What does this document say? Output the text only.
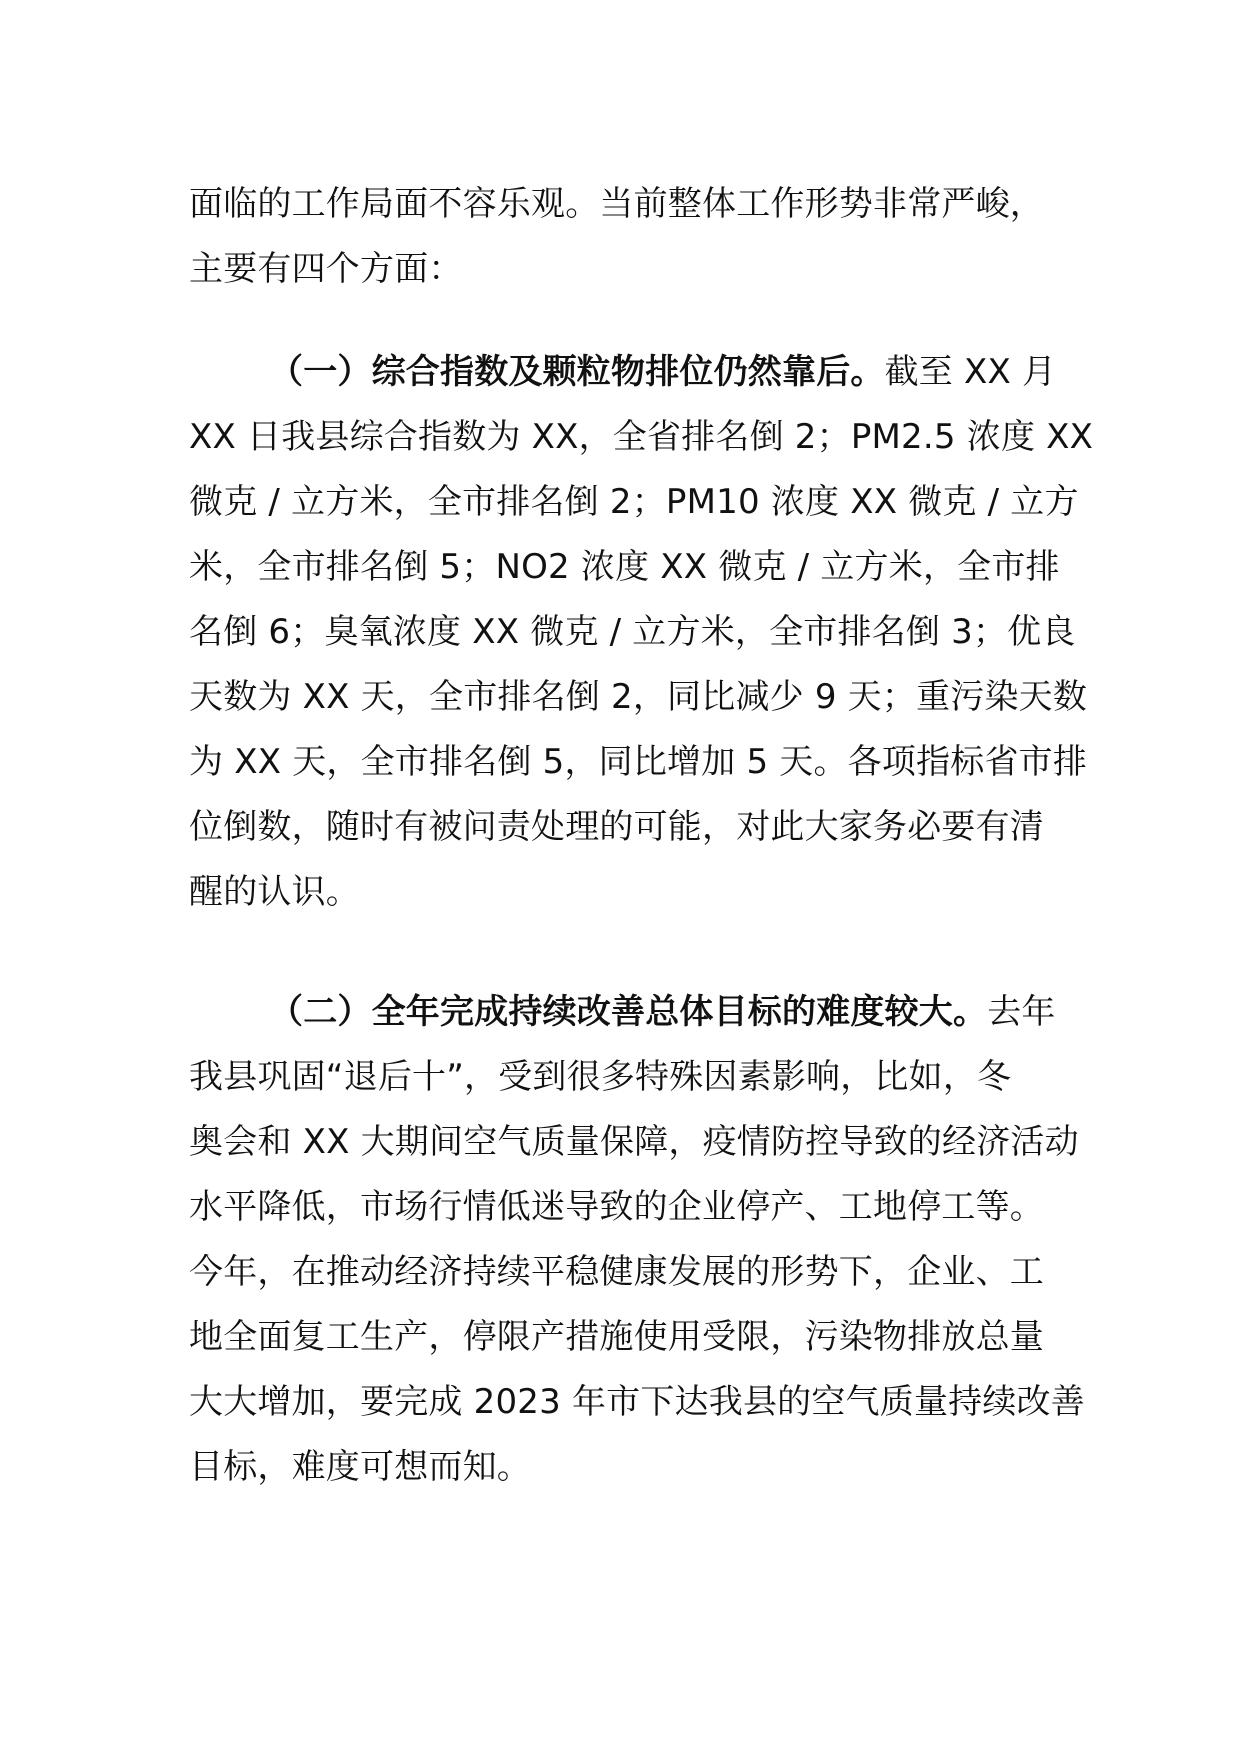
面临的工作局面不容乐观。当前整体工作形势非常严峻，
主要有四个方面：
（一）综合指数及颗粒物排位仍然靠后。截至 XX 月
XX 日我县综合指数为 XX，全省排名倒 2；PM2.5 浓度 XX
微克 / 立方米，全市排名倒 2；PM10 浓度 XX 微克 / 立方
米，全市排名倒 5；NO2 浓度 XX 微克 / 立方米，全市排
名倒 6；臭氧浓度 XX 微克 / 立方米，全市排名倒 3；优良
天数为 XX 天，全市排名倒 2，同比减少 9 天；重污染天数
为 XX 天，全市排名倒 5，同比增加 5 天。各项指标省市排
位倒数，随时有被问责处理的可能，对此大家务必要有清
醒的认识。
（二）全年完成持续改善总体目标的难度较大。去年
我县巩固“退后十”，受到很多特殊因素影响，比如，冬
奥会和 XX 大期间空气质量保障，疫情防控导致的经济活动
水平降低，市场行情低迷导致的企业停产、工地停工等。
今年，在推动经济持续平稳健康发展的形势下，企业、工
地全面复工生产，停限产措施使用受限，污染物排放总量
大大增加，要完成 2023 年市下达我县的空气质量持续改善
目标，难度可想而知。
